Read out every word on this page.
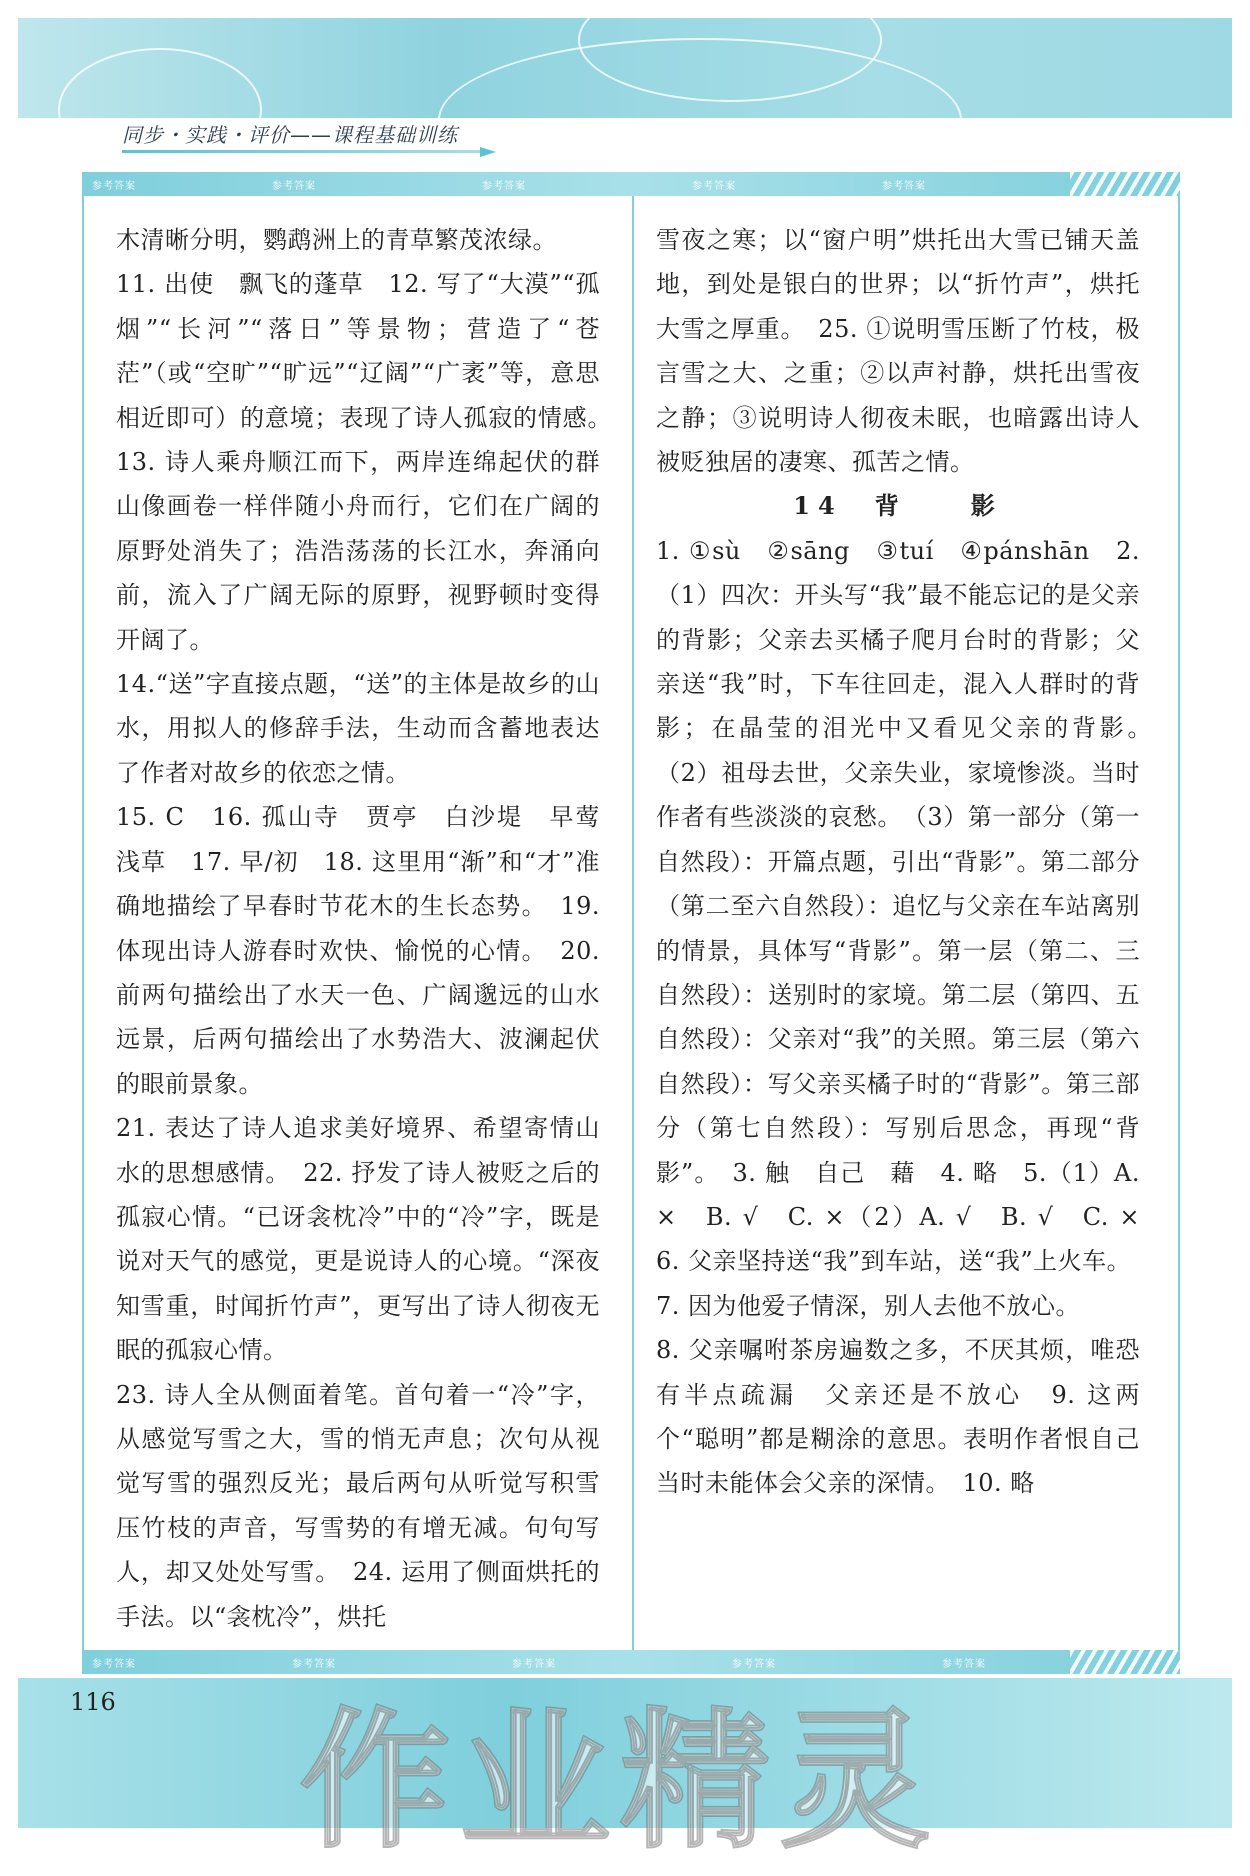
同步・实践・评价——课程基础训练
参考答案	参考答案	参考答案	参考答案	参考答案

木清晰分明，鹦鹉洲上的青草繁茂浓绿。

11. 出使　飘飞的蓬草　12. 写了“大漠”“孤烟”“长河”“落日”等景物；营造了“苍茫”（或“空旷”“旷远”“辽阔”“广袤”等，意思相近即可）的意境；表现了诗人孤寂的情感。　13. 诗人乘舟顺江而下，两岸连绵起伏的群山像画卷一样伴随小舟而行，它们在广阔的原野处消失了；浩浩荡荡的长江水，奔涌向前，流入了广阔无际的原野，视野顿时变得开阔了。

14.“送”字直接点题，“送”的主体是故乡的山水，用拟人的修辞手法，生动而含蓄地表达了作者对故乡的依恋之情。

15. C　16. 孤山寺　贾亭　白沙堤　早莺　浅草　17. 早/初　18. 这里用“渐”和“才”准确地描绘了早春时节花木的生长态势。　19. 体现出诗人游春时欢快、愉悦的心情。　20. 前两句描绘出了水天一色、广阔邈远的山水远景，后两句描绘出了水势浩大、波澜起伏的眼前景象。

21. 表达了诗人追求美好境界、希望寄情山水的思想感情。　22. 抒发了诗人被贬之后的孤寂心情。“已讶衾枕冷”中的“冷”字，既是说对天气的感觉，更是说诗人的心境。“深夜知雪重，时闻折竹声”，更写出了诗人彻夜无眠的孤寂心情。

23. 诗人全从侧面着笔。首句着一“冷”字，从感觉写雪之大，雪的悄无声息；次句从视觉写雪的强烈反光；最后两句从听觉写积雪压竹枝的声音，写雪势的有增无减。句句写人，却又处处写雪。　24. 运用了侧面烘托的手法。以“衾枕冷”，烘托

雪夜之寒；以“窗户明”烘托出大雪已铺天盖地，到处是银白的世界；以“折竹声”，烘托大雪之厚重。　25. ①说明雪压断了竹枝，极言雪之大、之重；②以声衬静，烘托出雪夜之静；③说明诗人彻夜未眠，也暗露出诗人被贬独居的凄寒、孤苦之情。

14　背　　影

1. ①sù　②sāng　③tuí　④pánshān　2.（1）四次：开头写“我”最不能忘记的是父亲的背影；父亲去买橘子爬月台时的背影；父亲送“我”时，下车往回走，混入人群时的背影；在晶莹的泪光中又看见父亲的背影。　（2）祖母去世，父亲失业，家境惨淡。当时作者有些淡淡的哀愁。　（3）第一部分（第一自然段）：开篇点题，引出“背影”。第二部分（第二至六自然段）：追忆与父亲在车站离别的情景，具体写“背影”。第一层（第二、三自然段）：送别时的家境。第二层（第四、五自然段）：父亲对“我”的关照。第三层（第六自然段）：写父亲买橘子时的“背影”。第三部分（第七自然段）：写别后思念，再现“背影”。　3. 触　自己　藉　4. 略　5.（1）A. ×　B. √　C. ×（2）A. √　B. √　C. ×　6. 父亲坚持送“我”到车站，送“我”上火车。

7. 因为他爱子情深，别人去他不放心。

8. 父亲嘱咐茶房遍数之多，不厌其烦，唯恐有半点疏漏　父亲还是不放心　9. 这两个“聪明”都是糊涂的意思。表明作者恨自己当时未能体会父亲的深情。　10. 略

参考答案	参考答案	参考答案	参考答案	参考答案
116 作业精灵
